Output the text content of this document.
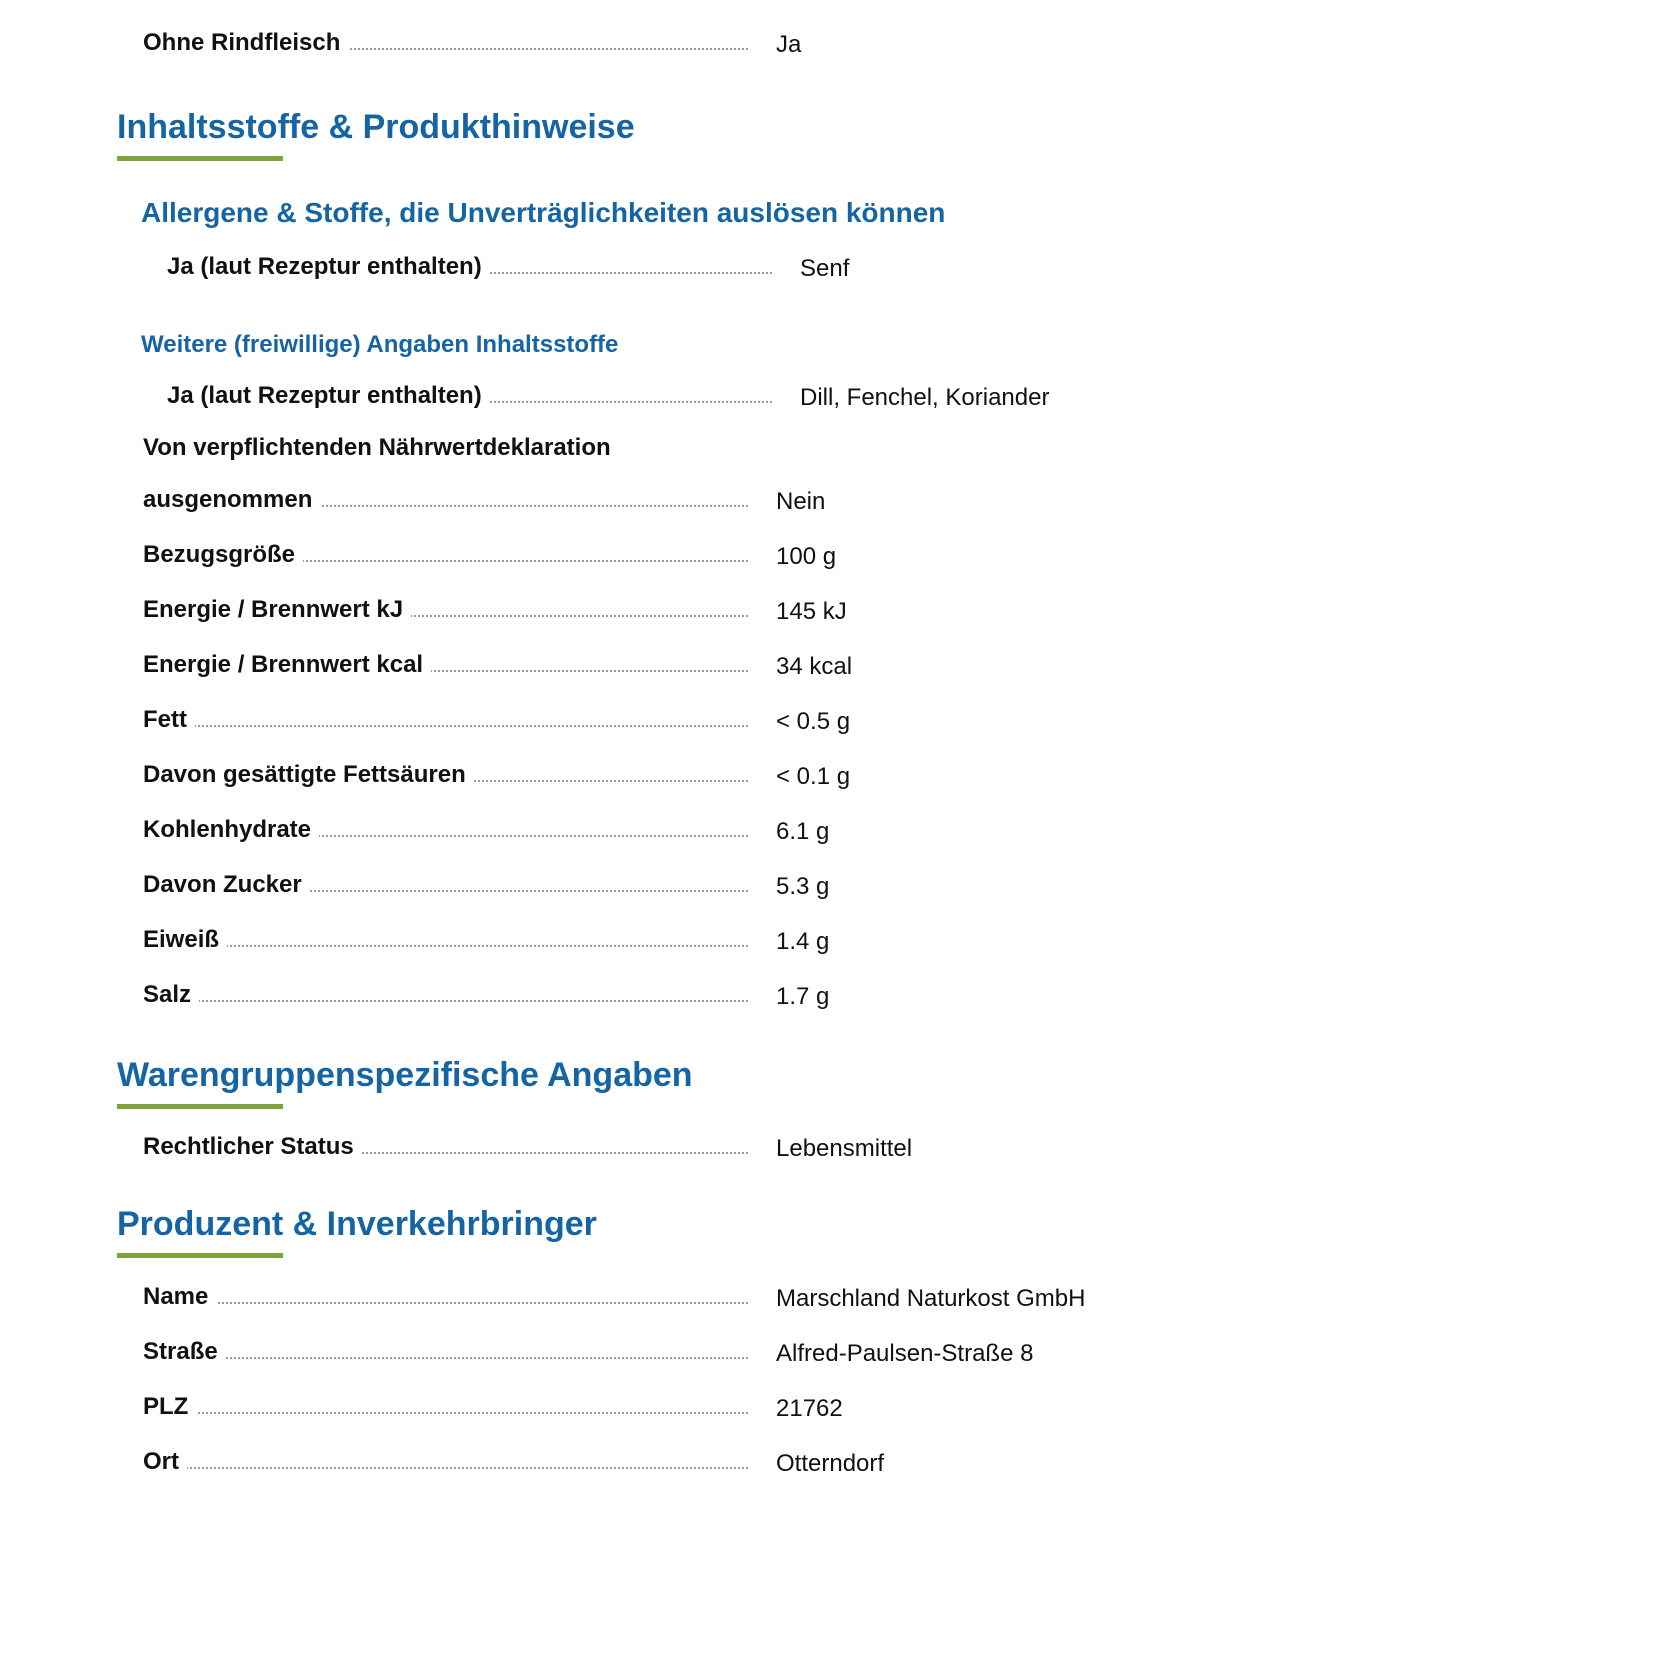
Ohne Rindfleisch	Ja
Inhaltsstoffe & Produkthinweise
Allergene & Stoffe, die Unverträglichkeiten auslösen können
Ja (laut Rezeptur enthalten)	Senf
Weitere (freiwillige) Angaben Inhaltsstoffe
Ja (laut Rezeptur enthalten)	Dill, Fenchel, Koriander
Von verpflichtenden Nährwertdeklaration
ausgenommen	Nein
Bezugsgröße	100 g
Energie / Brennwert kJ	145 kJ
Energie / Brennwert kcal	34 kcal
Fett	< 0.5 g
Davon gesättigte Fettsäuren	< 0.1 g
Kohlenhydrate	6.1 g
Davon Zucker	5.3 g
Eiweiß	1.4 g
Salz	1.7 g
Warengruppenspezifische Angaben
Rechtlicher Status	Lebensmittel
Produzent & Inverkehrbringer
Name	Marschland Naturkost GmbH
Straße	Alfred-Paulsen-Straße 8
PLZ	21762
Ort	Otterndorf
